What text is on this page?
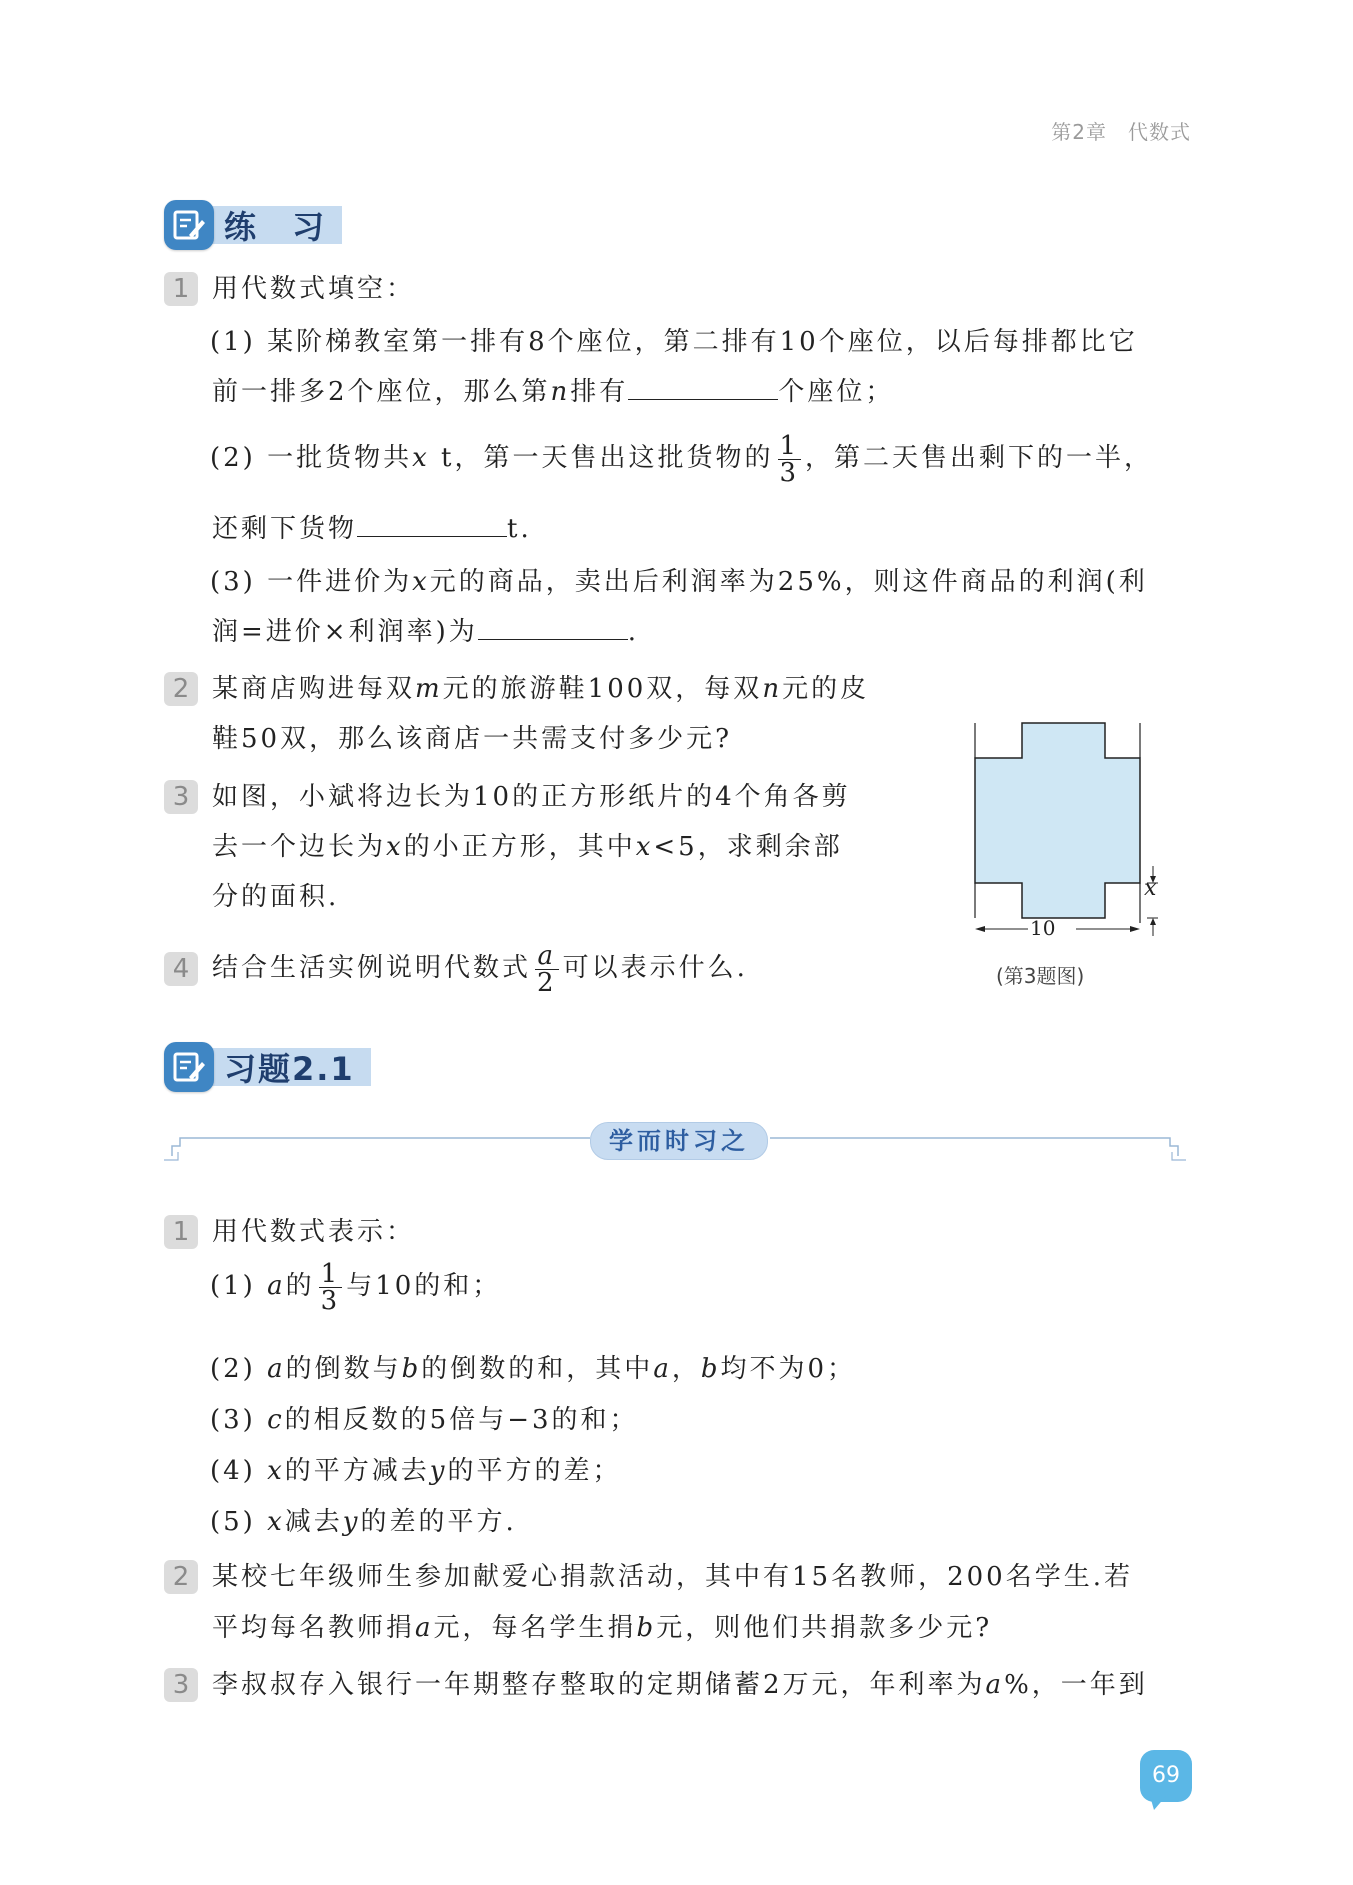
第2章　代数式
练　习
1 用代数式填空：
(1) 某阶梯教室第一排有8个座位，第二排有10个座位，以后每排都比它
前一排多2个座位，那么第n排有	个座位；
(2) 一批货物共x t，第一天售出这批货物的 $\frac{1}{3}$ ，第二天售出剩下的一半，
还剩下货物	t.
(3) 一件进价为x元的商品，卖出后利润率为25%，则这件商品的利润(利
润=进价×利润率)为	.
2 某商店购进每双m元的旅游鞋100双，每双n元的皮
鞋50双，那么该商店一共需支付多少元?
3 如图，小斌将边长为10的正方形纸片的4个角各剪
去一个边长为x的小正方形，其中x<5，求剩余部
分的面积.
4 结合生活实例说明代数式 $\frac{a}{2}$ 可以表示什么.
x
10
(第3题图)
习题2.1
学而时习之
1 用代数式表示：
(1) a的 $\frac{1}{3}$ 与10的和；
(2) a的倒数与b的倒数的和，其中a，b均不为0；
(3) c的相反数的5倍与−3的和；
(4) x的平方减去y的平方的差；
(5) x减去y的差的平方.
2 某校七年级师生参加献爱心捐款活动，其中有15名教师，200名学生.若
平均每名教师捐a元，每名学生捐b元，则他们共捐款多少元?
3 李叔叔存入银行一年期整存整取的定期储蓄2万元，年利率为a%，一年到
69
